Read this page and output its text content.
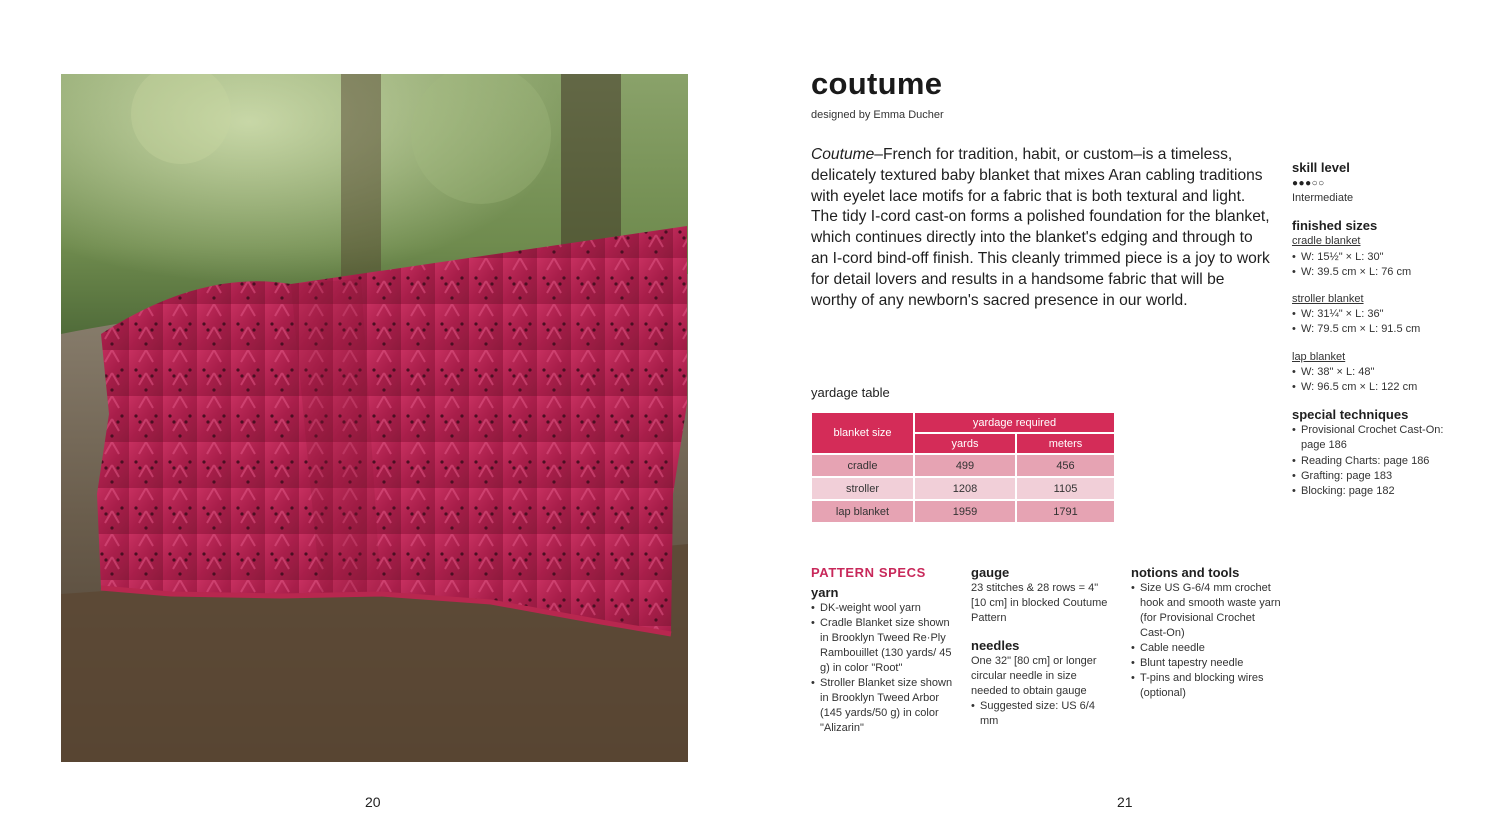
20
coutume
designed by Emma Ducher

Coutume–French for tradition, habit, or custom–is a timeless, delicately textured baby blanket that mixes Aran cabling traditions with eyelet lace motifs for a fabric that is both textural and light. The tidy I-cord cast-on forms a polished foundation for the blanket, which continues directly into the blanket's edging and through to an I-cord bind-off finish. This cleanly trimmed piece is a joy to work for detail lovers and results in a handsome fabric that will be worthy of any newborn's sacred presence in our world.

skill level
●●●○○
Intermediate
finished sizes
cradle blanket
• W: 15½" × L: 30"
• W: 39.5 cm × L: 76 cm
stroller blanket
• W: 31¼" × L: 36"
• W: 79.5 cm × L: 91.5 cm
lap blanket
• W: 38" × L: 48"
• W: 96.5 cm × L: 122 cm
special techniques
• Provisional Crochet Cast-On: page 186
• Reading Charts: page 186
• Grafting: page 183
• Blocking: page 182
yardage table
blanket size	yardage required	
	yards	meters
cradle	499	456
stroller	1208	1105
lap blanket	1959	1791
PATTERN SPECS
yarn
• DK-weight wool yarn
• Cradle Blanket size shown in Brooklyn Tweed Re·Ply Rambouillet (130 yards/ 45 g) in color "Root"
• Stroller Blanket size shown in Brooklyn Tweed Arbor (145 yards/50 g) in color "Alizarin"
gauge
23 stitches & 28 rows = 4" [10 cm] in blocked Coutume Pattern
needles
One 32" [80 cm] or longer circular needle in size needed to obtain gauge
• Suggested size: US 6/4 mm
notions and tools
• Size US G-6/4 mm crochet hook and smooth waste yarn (for Provisional Crochet Cast-On)
• Cable needle
• Blunt tapestry needle
• T-pins and blocking wires (optional)
21
